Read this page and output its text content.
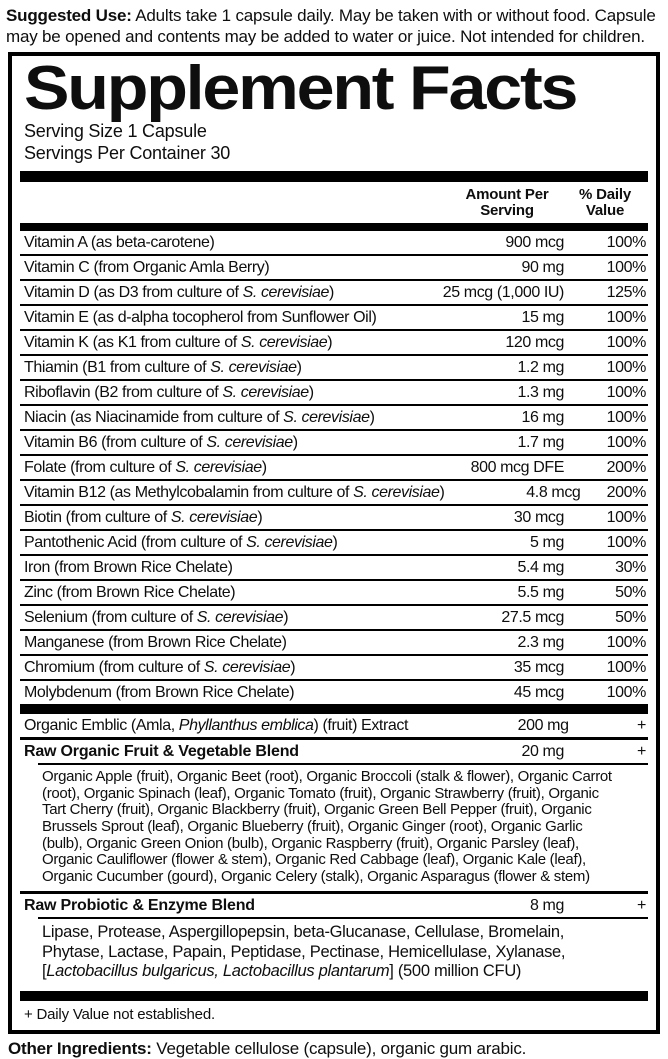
Suggested Use: Adults take 1 capsule daily. May be taken with or without food. Capsule may be opened and contents may be added to water or juice. Not intended for children.

Supplement Facts
Serving Size 1 Capsule
Servings Per Container 30
Amount Per
Serving
% Daily
Value
Vitamin A (as beta-carotene)	900 mcg	100%
Vitamin C (from Organic Amla Berry)	90 mg	100%
Vitamin D (as D3 from culture of S. cerevisiae)	25 mcg (1,000 IU)	125%
Vitamin E (as d-alpha tocopherol from Sunflower Oil)	15 mg	100%
Vitamin K (as K1 from culture of S. cerevisiae)	120 mcg	100%
Thiamin (B1 from culture of S. cerevisiae)	1.2 mg	100%
Riboflavin (B2 from culture of S. cerevisiae)	1.3 mg	100%
Niacin (as Niacinamide from culture of S. cerevisiae)	16 mg	100%
Vitamin B6 (from culture of S. cerevisiae)	1.7 mg	100%
Folate (from culture of S. cerevisiae)	800 mcg DFE	200%
Vitamin B12 (as Methylcobalamin from culture of S. cerevisiae)	4.8 mcg	200%
Biotin (from culture of S. cerevisiae)	30 mcg	100%
Pantothenic Acid (from culture of S. cerevisiae)	5 mg	100%
Iron (from Brown Rice Chelate)	5.4 mg	30%
Zinc (from Brown Rice Chelate)	5.5 mg	50%
Selenium (from culture of S. cerevisiae)	27.5 mcg	50%
Manganese (from Brown Rice Chelate)	2.3 mg	100%
Chromium (from culture of S. cerevisiae)	35 mcg	100%
Molybdenum (from Brown Rice Chelate)	45 mcg	100%
Organic Emblic (Amla, Phyllanthus emblica) (fruit) Extract	200 mg	+
Raw Organic Fruit & Vegetable Blend	20 mg	+

Organic Apple (fruit), Organic Beet (root), Organic Broccoli (stalk & flower), Organic Carrot (root), Organic Spinach (leaf), Organic Tomato (fruit), Organic Strawberry (fruit), Organic Tart Cherry (fruit), Organic Blackberry (fruit), Organic Green Bell Pepper (fruit), Organic Brussels Sprout (leaf), Organic Blueberry (fruit), Organic Ginger (root), Organic Garlic (bulb), Organic Green Onion (bulb), Organic Raspberry (fruit), Organic Parsley (leaf), Organic Cauliflower (flower & stem), Organic Red Cabbage (leaf), Organic Kale (leaf), Organic Cucumber (gourd), Organic Celery (stalk), Organic Asparagus (flower & stem)

Raw Probiotic & Enzyme Blend	8 mg	+

Lipase, Protease, Aspergillopepsin, beta-Glucanase, Cellulase, Bromelain, Phytase, Lactase, Papain, Peptidase, Pectinase, Hemicellulase, Xylanase, [Lactobacillus bulgaricus, Lactobacillus plantarum] (500 million CFU)

+ Daily Value not established.

Other Ingredients: Vegetable cellulose (capsule), organic gum arabic.
